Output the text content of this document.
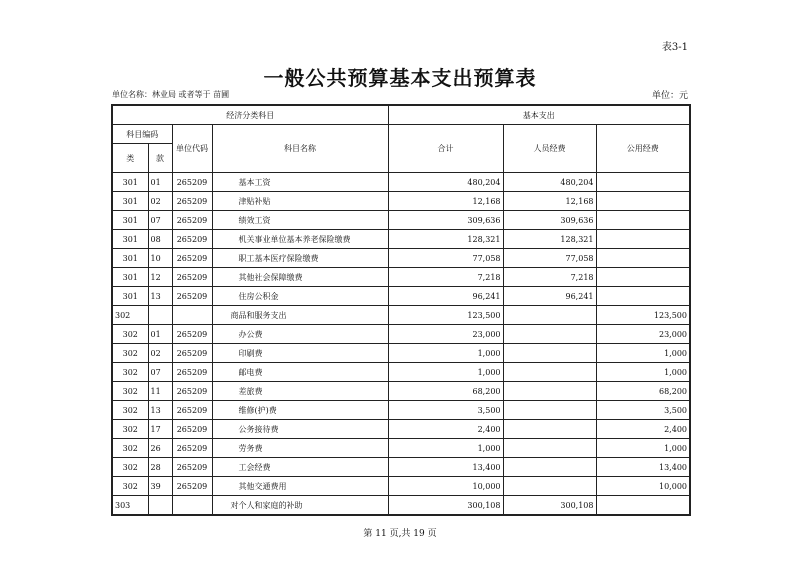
表3-1
一般公共预算基本支出预算表
单位名称：林业局 或者等于 苗圃	单位：元
经济分类科目				基本支出		
科目编码		单位代码	科目名称	合计	人员经费	公用经费
类	款					
301	01	265209	基本工资	480,204	480,204	
301	02	265209	津贴补贴	12,168	12,168	
301	07	265209	绩效工资	309,636	309,636	
301	08	265209	机关事业单位基本养老保险缴费	128,321	128,321	
301	10	265209	职工基本医疗保险缴费	77,058	77,058	
301	12	265209	其他社会保障缴费	7,218	7,218	
301	13	265209	住房公积金	96,241	96,241	
302			商品和服务支出	123,500		123,500
302	01	265209	办公费	23,000		23,000
302	02	265209	印刷费	1,000		1,000
302	07	265209	邮电费	1,000		1,000
302	11	265209	差旅费	68,200		68,200
302	13	265209	维修(护)费	3,500		3,500
302	17	265209	公务接待费	2,400		2,400
302	26	265209	劳务费	1,000		1,000
302	28	265209	工会经费	13,400		13,400
302	39	265209	其他交通费用	10,000		10,000
303			对个人和家庭的补助	300,108	300,108	
第 11 页,共 19 页
